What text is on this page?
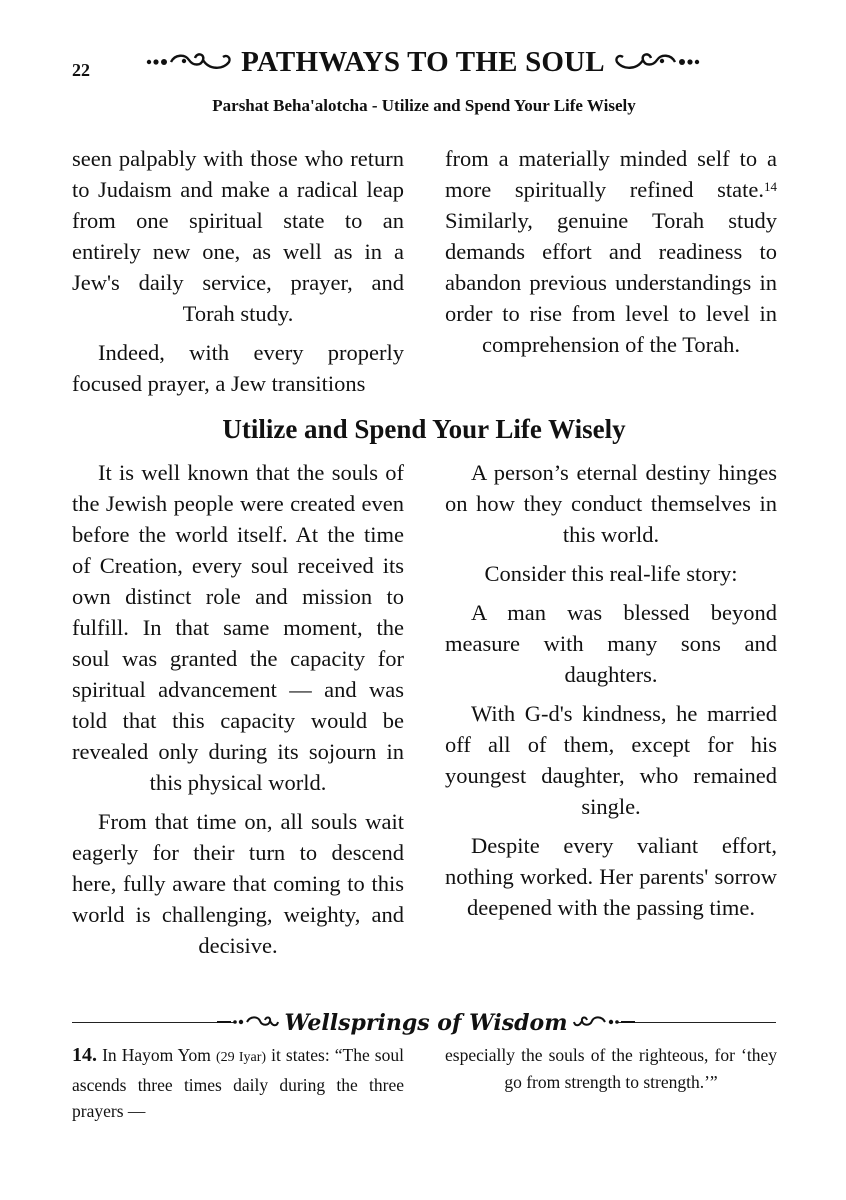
22	PATHWAYS TO THE SOUL
Parshat Beha'alotcha - Utilize and Spend Your Life Wisely

seen palpably with those who return to Judaism and make a radical leap from one spiritual state to an entirely new one, as well as in a Jew's daily service, prayer, and Torah study.

Indeed, with every properly focused prayer, a Jew transitions

from a materially minded self to a more spiritually refined state.$^{14}$ Similarly, genuine Torah study demands effort and readiness to abandon previous understandings in order to rise from level to level in comprehension of the Torah.

Utilize and Spend Your Life Wisely

It is well known that the souls of the Jewish people were created even before the world itself. At the time of Creation, every soul received its own distinct role and mission to fulfill. In that same moment, the soul was granted the capacity for spiritual advancement — and was told that this capacity would be revealed only during its sojourn in this physical world.

From that time on, all souls wait eagerly for their turn to descend here, fully aware that coming to this world is challenging, weighty, and decisive.

A person’s eternal destiny hinges on how they conduct themselves in this world.

Consider this real-life story:

A man was blessed beyond measure with many sons and daughters.

With G-d's kindness, he married off all of them, except for his youngest daughter, who remained single.

Despite every valiant effort, nothing worked. Her parents' sorrow deepened with the passing time.

Wellsprings of Wisdom

14. In Hayom Yom (29 Iyar) it states: “The soul ascends three times daily during the three prayers —

especially the souls of the righteous, for ‘they go from strength to strength.’”
